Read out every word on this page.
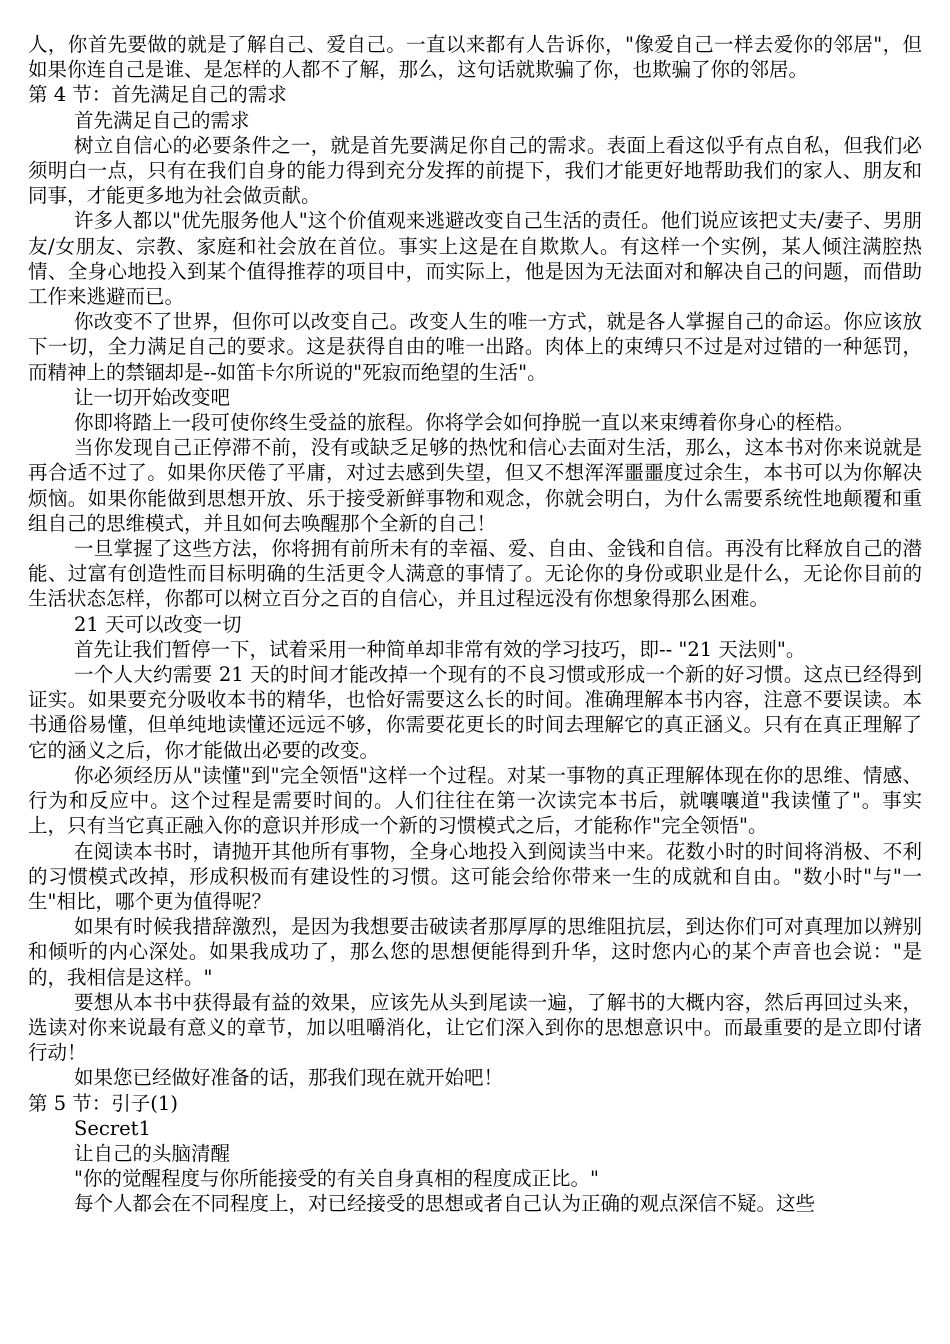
人，你首先要做的就是了解自己、爱自己。一直以来都有人告诉你，"像爱自己一样去爱你的邻居"，但如果你连自己是谁、是怎样的人都不了解，那么，这句话就欺骗了你，也欺骗了你的邻居。

第 4 节：首先满足自己的需求

首先满足自己的需求

树立自信心的必要条件之一，就是首先要满足你自己的需求。表面上看这似乎有点自私，但我们必须明白一点，只有在我们自身的能力得到充分发挥的前提下，我们才能更好地帮助我们的家人、朋友和同事，才能更多地为社会做贡献。

许多人都以"优先服务他人"这个价值观来逃避改变自己生活的责任。他们说应该把丈夫/妻子、男朋友/女朋友、宗教、家庭和社会放在首位。事实上这是在自欺欺人。有这样一个实例，某人倾注满腔热情、全身心地投入到某个值得推荐的项目中，而实际上，他是因为无法面对和解决自己的问题，而借助工作来逃避而已。

你改变不了世界，但你可以改变自己。改变人生的唯一方式，就是各人掌握自己的命运。你应该放下一切，全力满足自己的要求。这是获得自由的唯一出路。肉体上的束缚只不过是对过错的一种惩罚，而精神上的禁锢却是--如笛卡尔所说的"死寂而绝望的生活"。

让一切开始改变吧

你即将踏上一段可使你终生受益的旅程。你将学会如何挣脱一直以来束缚着你身心的桎梏。

当你发现自己正停滞不前，没有或缺乏足够的热忱和信心去面对生活，那么，这本书对你来说就是再合适不过了。如果你厌倦了平庸，对过去感到失望，但又不想浑浑噩噩度过余生，本书可以为你解决烦恼。如果你能做到思想开放、乐于接受新鲜事物和观念，你就会明白，为什么需要系统性地颠覆和重组自己的思维模式，并且如何去唤醒那个全新的自己！

一旦掌握了这些方法，你将拥有前所未有的幸福、爱、自由、金钱和自信。再没有比释放自己的潜能、过富有创造性而目标明确的生活更令人满意的事情了。无论你的身份或职业是什么，无论你目前的生活状态怎样，你都可以树立百分之百的自信心，并且过程远没有你想象得那么困难。

21 天可以改变一切

首先让我们暂停一下，试着采用一种简单却非常有效的学习技巧，即-- "21 天法则"。

一个人大约需要 21 天的时间才能改掉一个现有的不良习惯或形成一个新的好习惯。这点已经得到证实。如果要充分吸收本书的精华，也恰好需要这么长的时间。准确理解本书内容，注意不要误读。本书通俗易懂，但单纯地读懂还远远不够，你需要花更长的时间去理解它的真正涵义。只有在真正理解了它的涵义之后，你才能做出必要的改变。

你必须经历从"读懂"到"完全领悟"这样一个过程。对某一事物的真正理解体现在你的思维、情感、行为和反应中。这个过程是需要时间的。人们往往在第一次读完本书后，就嚷嚷道"我读懂了"。事实上，只有当它真正融入你的意识并形成一个新的习惯模式之后，才能称作"完全领悟"。

在阅读本书时，请抛开其他所有事物，全身心地投入到阅读当中来。花数小时的时间将消极、不利的习惯模式改掉，形成积极而有建设性的习惯。这可能会给你带来一生的成就和自由。"数小时"与"一生"相比，哪个更为值得呢？

如果有时候我措辞激烈，是因为我想要击破读者那厚厚的思维阻抗层，到达你们可对真理加以辨别和倾听的内心深处。如果我成功了，那么您的思想便能得到升华，这时您内心的某个声音也会说："是的，我相信是这样。"

要想从本书中获得最有益的效果，应该先从头到尾读一遍，了解书的大概内容，然后再回过头来，选读对你来说最有意义的章节，加以咀嚼消化，让它们深入到你的思想意识中。而最重要的是立即付诸行动！

如果您已经做好准备的话，那我们现在就开始吧！

第 5 节：引子(1)

Secret1

让自己的头脑清醒

"你的觉醒程度与你所能接受的有关自身真相的程度成正比。"

每个人都会在不同程度上，对已经接受的思想或者自己认为正确的观点深信不疑。这些
